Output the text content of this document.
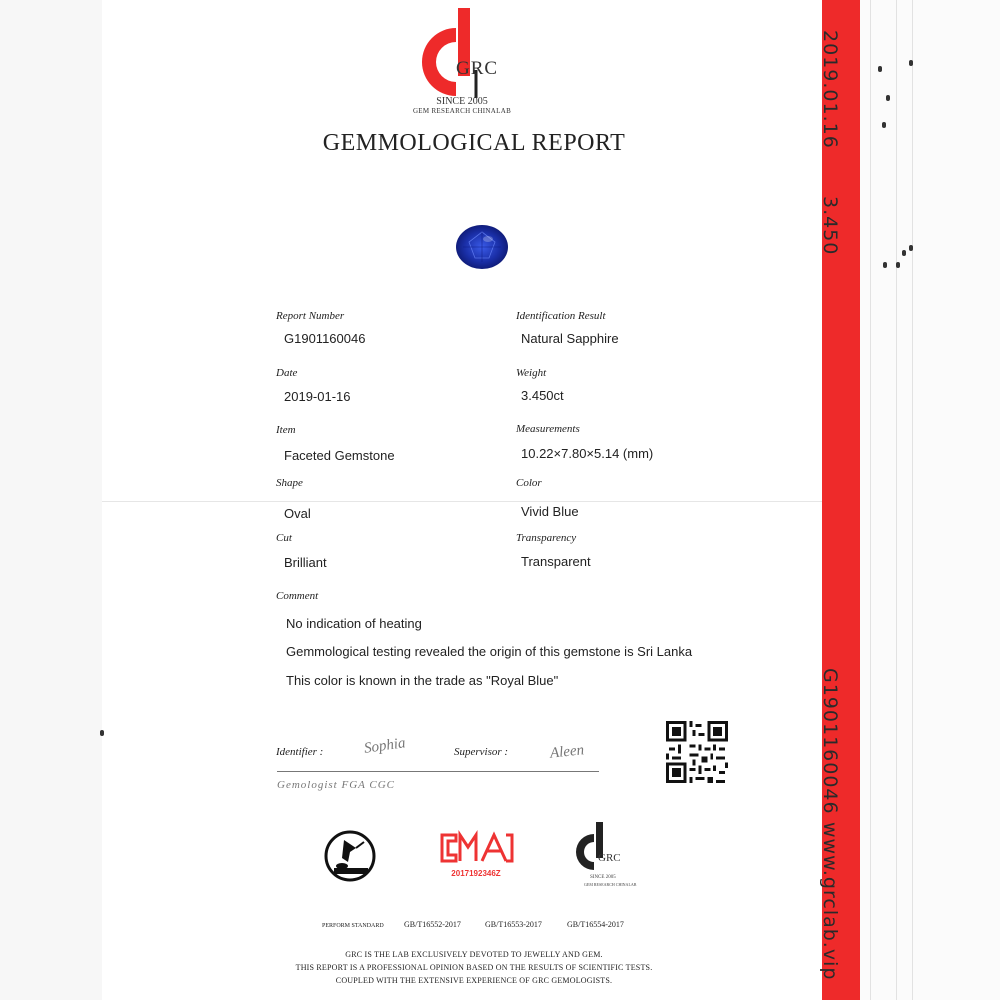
2019.01.16
3.450
G1901160046
www.grclab.vip
GRC
SINCE 2005
GEM RESEARCH CHINALAB
GEMMOLOGICAL REPORT
Report Number
G1901160046
Date
2019-01-16
Item
Faceted Gemstone
Shape
Oval
Cut
Brilliant
Identification Result
Natural Sapphire
Weight
3.450ct
Measurements
10.22×7.80×5.14 (mm)
Color
Vivid Blue
Transparency
Transparent
Comment
No indication of heating
Gemmological testing revealed the origin of this gemstone is Sri Lanka
This color is known in the trade as "Royal Blue"
Identifier :	Sophia	Supervisor :	Aleen
Gemologist FGA CGC
2017192346Z
GRC
SINCE 2005
GEM RESEARCH CHINALAB
PERFORM STANDARD	GB/T16552-2017	GB/T16553-2017	GB/T16554-2017
GRC IS THE LAB EXCLUSIVELY DEVOTED TO JEWELLY AND GEM.
THIS REPORT IS A PROFESSIONAL OPINION BASED ON THE RESULTS OF SCIENTIFIC TESTS.
COUPLED WITH THE EXTENSIVE EXPERIENCE OF GRC GEMOLOGISTS.
